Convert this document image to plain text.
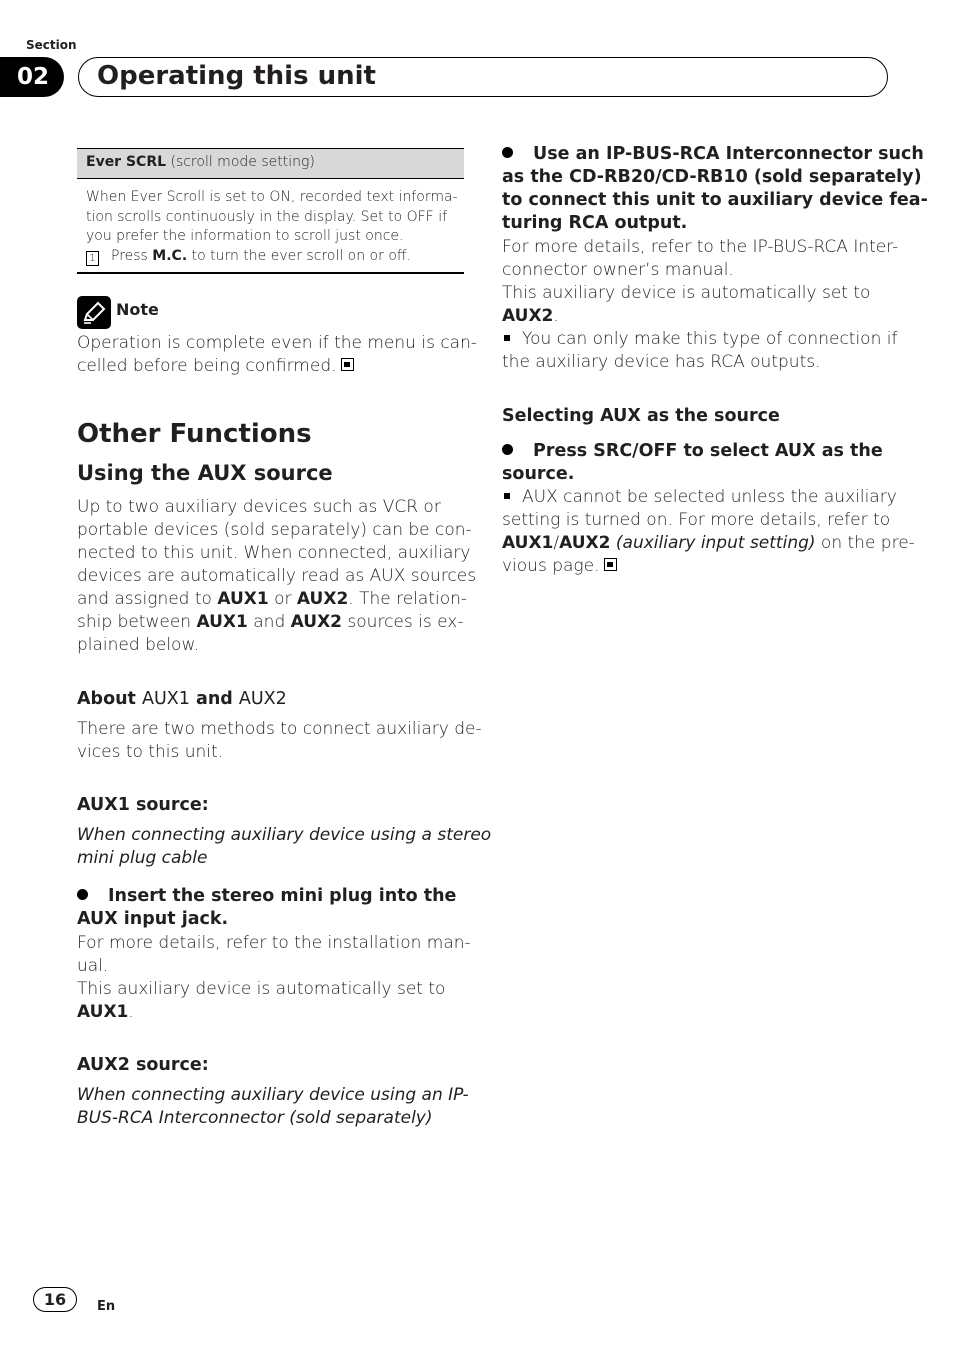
Section
02	Operating this unit
Ever SCRL (scroll mode setting)
When Ever Scroll is set to ON, recorded text informa-
tion scrolls continuously in the display. Set to OFF if
you prefer the information to scroll just once.
1 Press M.C. to turn the ever scroll on or off.
Note
Operation is complete even if the menu is can-
celled before being confirmed.
Other Functions
Using the AUX source
Up to two auxiliary devices such as VCR or
portable devices (sold separately) can be con-
nected to this unit. When connected, auxiliary
devices are automatically read as AUX sources
and assigned to AUX1 or AUX2. The relation-
ship between AUX1 and AUX2 sources is ex-
plained below.
About AUX1 and AUX2
There are two methods to connect auxiliary de-
vices to this unit.
AUX1 source:
When connecting auxiliary device using a stereo
mini plug cable
Insert the stereo mini plug into the
AUX input jack.
For more details, refer to the installation man-
ual.
This auxiliary device is automatically set to
AUX1.
AUX2 source:
When connecting auxiliary device using an IP-
BUS-RCA Interconnector (sold separately)
Use an IP-BUS-RCA Interconnector such
as the CD-RB20/CD-RB10 (sold separately)
to connect this unit to auxiliary device fea-
turing RCA output.
For more details, refer to the IP-BUS-RCA Inter-
connector owner’s manual.
This auxiliary device is automatically set to
AUX2.
You can only make this type of connection if
the auxiliary device has RCA outputs.
Selecting AUX as the source
Press SRC/OFF to select AUX as the
source.
AUX cannot be selected unless the auxiliary
setting is turned on. For more details, refer to
AUX1/AUX2 (auxiliary input setting) on the pre-
vious page.
16	En
